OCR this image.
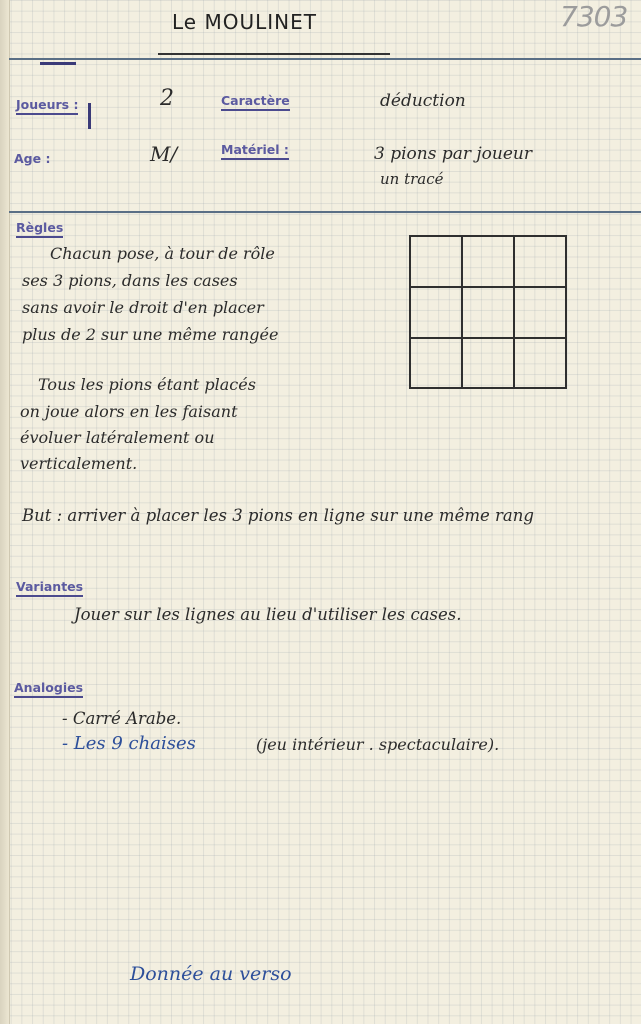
7303
Le MOULINET
Joueurs :	2	Caractère	déduction
Age :	M/	Matériel :	3 pions par joueur
un tracé
Règles
Chacun pose, à tour de rôle
ses 3 pions, dans les cases
sans avoir le droit d'en placer
plus de 2 sur une même rangée
Tous les pions étant placés
on joue alors en les faisant
évoluer latéralement ou
verticalement.
But : arriver à placer les 3 pions en ligne sur une même rang
Variantes
Jouer sur les lignes au lieu d'utiliser les cases.
Analogies
- Carré Arabe.
- Les 9 chaises	(jeu intérieur . spectaculaire).
Donnée au verso
